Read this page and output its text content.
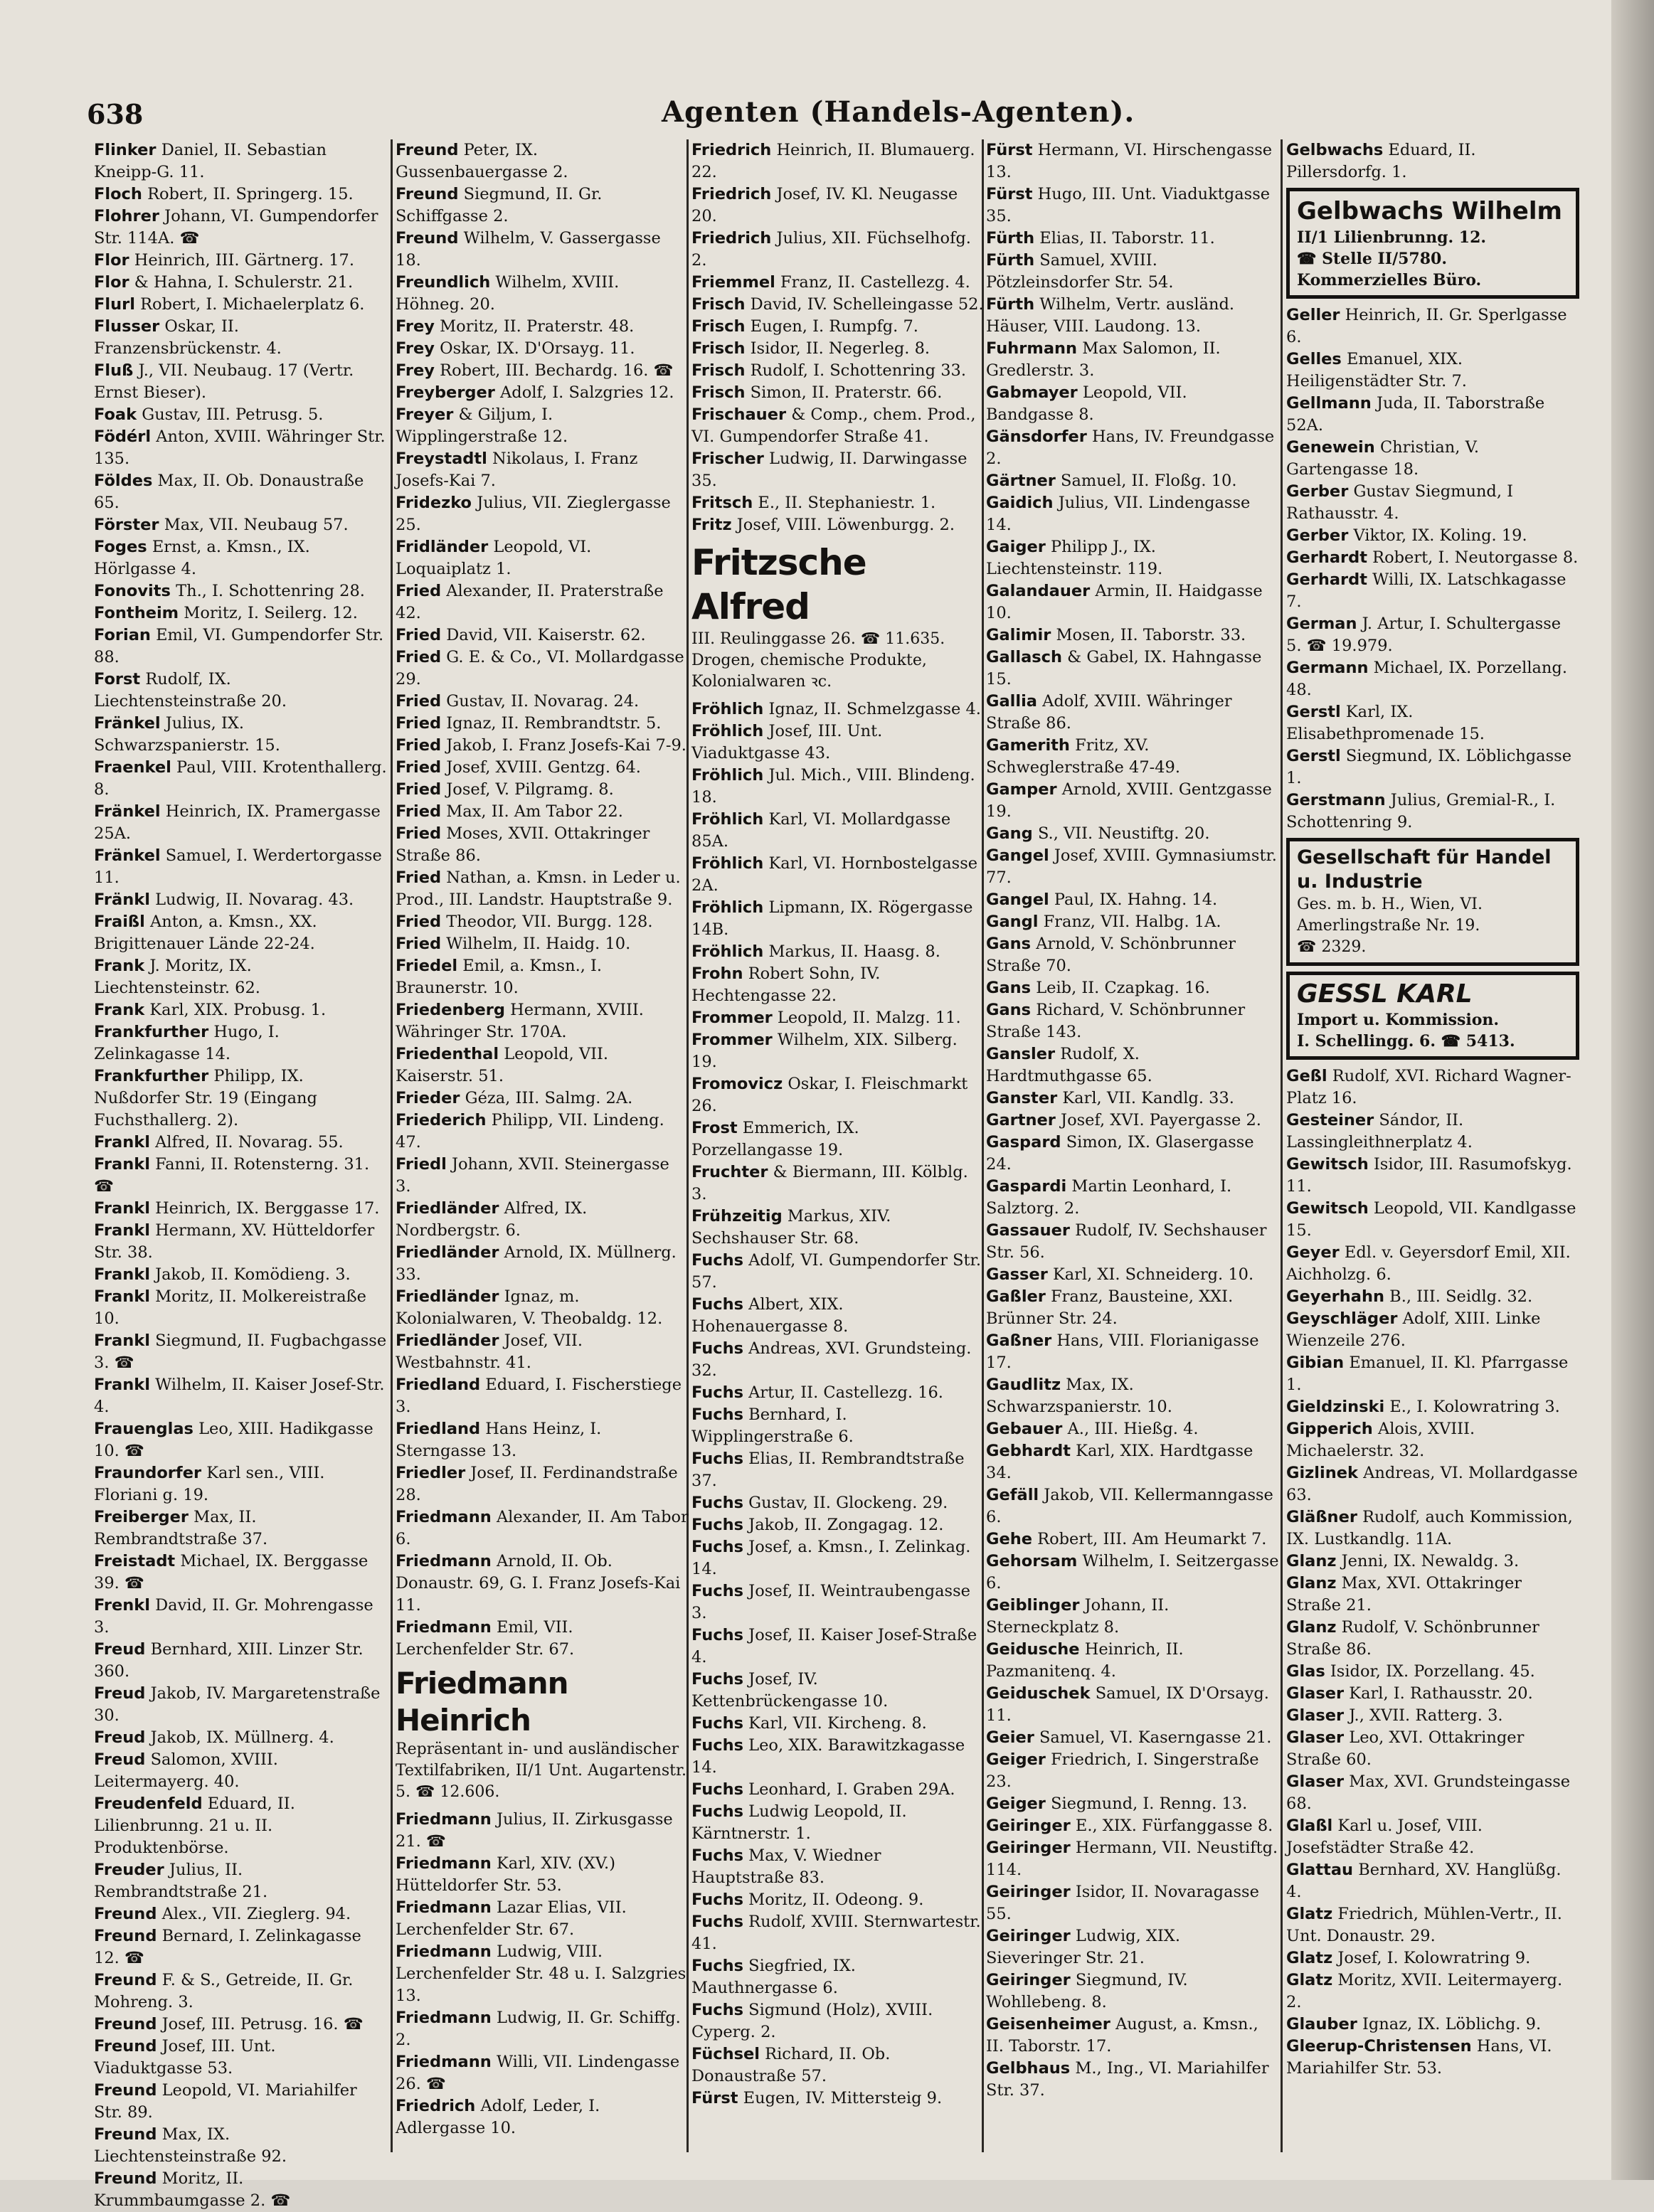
638	Agenten (Handels-Agenten).

Flinker Daniel, II. Sebastian Kneipp-G. 11.

Floch Robert, II. Springerg. 15.

Flohrer Johann, VI. Gumpendorfer Str. 114A. ☎

Flor Heinrich, III. Gärtnerg. 17.

Flor & Hahna, I. Schulerstr. 21.

Flurl Robert, I. Michaelerplatz 6.

Flusser Oskar, II. Franzensbrückenstr. 4.

Fluß J., VII. Neubaug. 17 (Vertr. Ernst Bieser).

Foak Gustav, III. Petrusg. 5.

Födérl Anton, XVIII. Währinger Str. 135.

Földes Max, II. Ob. Donaustraße 65.

Förster Max, VII. Neubaug 57.

Foges Ernst, a. Kmsn., IX. Hörlgasse 4.

Fonovits Th., I. Schottenring 28.

Fontheim Moritz, I. Seilerg. 12.

Forian Emil, VI. Gumpendorfer Str. 88.

Forst Rudolf, IX. Liechtensteinstraße 20.

Fränkel Julius, IX. Schwarzspanierstr. 15.

Fraenkel Paul, VIII. Krotenthallerg. 8.

Fränkel Heinrich, IX. Pramergasse 25A.

Fränkel Samuel, I. Werdertorgasse 11.

Fränkl Ludwig, II. Novarag. 43.

Fraißl Anton, a. Kmsn., XX. Brigittenauer Lände 22-24.

Frank J. Moritz, IX. Liechtensteinstr. 62.

Frank Karl, XIX. Probusg. 1.

Frankfurther Hugo, I. Zelinkagasse 14.

Frankfurther Philipp, IX. Nußdorfer Str. 19 (Eingang Fuchsthallerg. 2).

Frankl Alfred, II. Novarag. 55.

Frankl Fanni, II. Rotensterng. 31. ☎

Frankl Heinrich, IX. Berggasse 17.

Frankl Hermann, XV. Hütteldorfer Str. 38.

Frankl Jakob, II. Komödieng. 3.

Frankl Moritz, II. Molkereistraße 10.

Frankl Siegmund, II. Fugbachgasse 3. ☎

Frankl Wilhelm, II. Kaiser Josef-Str. 4.

Frauenglas Leo, XIII. Hadikgasse 10. ☎

Fraundorfer Karl sen., VIII. Floriani g. 19.

Freiberger Max, II. Rembrandtstraße 37.

Freistadt Michael, IX. Berggasse 39. ☎

Frenkl David, II. Gr. Mohrengasse 3.

Freud Bernhard, XIII. Linzer Str. 360.

Freud Jakob, IV. Margaretenstraße 30.

Freud Jakob, IX. Müllnerg. 4.

Freud Salomon, XVIII. Leitermayerg. 40.

Freudenfeld Eduard, II. Lilienbrunng. 21 u. II. Produktenbörse.

Freuder Julius, II. Rembrandtstraße 21.

Freund Alex., VII. Zieglerg. 94.

Freund Bernard, I. Zelinkagasse 12. ☎

Freund F. & S., Getreide, II. Gr. Mohreng. 3.

Freund Josef, III. Petrusg. 16. ☎

Freund Josef, III. Unt. Viaduktgasse 53.

Freund Leopold, VI. Mariahilfer Str. 89.

Freund Max, IX. Liechtensteinstraße 92.

Freund Moritz, II. Krummbaumgasse 2. ☎

Freund Peter, IX. Gussenbauergasse 2.

Freund Siegmund, II. Gr. Schiffgasse 2.

Freund Wilhelm, V. Gassergasse 18.

Freundlich Wilhelm, XVIII. Höhneg. 20.

Frey Moritz, II. Praterstr. 48.

Frey Oskar, IX. D'Orsayg. 11.

Frey Robert, III. Bechardg. 16. ☎

Freyberger Adolf, I. Salzgries 12.

Freyer & Giljum, I. Wipplingerstraße 12.

Freystadtl Nikolaus, I. Franz Josefs-Kai 7.

Fridezko Julius, VII. Zieglergasse 25.

Fridländer Leopold, VI. Loquaiplatz 1.

Fried Alexander, II. Praterstraße 42.

Fried David, VII. Kaiserstr. 62.

Fried G. E. & Co., VI. Mollardgasse 29.

Fried Gustav, II. Novarag. 24.

Fried Ignaz, II. Rembrandtstr. 5.

Fried Jakob, I. Franz Josefs-Kai 7-9.

Fried Josef, XVIII. Gentzg. 64.

Fried Josef, V. Pilgramg. 8.

Fried Max, II. Am Tabor 22.

Fried Moses, XVII. Ottakringer Straße 86.

Fried Nathan, a. Kmsn. in Leder u. Prod., III. Landstr. Hauptstraße 9.

Fried Theodor, VII. Burgg. 128.

Fried Wilhelm, II. Haidg. 10.

Friedel Emil, a. Kmsn., I. Braunerstr. 10.

Friedenberg Hermann, XVIII. Währinger Str. 170A.

Friedenthal Leopold, VII. Kaiserstr. 51.

Frieder Géza, III. Salmg. 2A.

Friederich Philipp, VII. Lindeng. 47.

Friedl Johann, XVII. Steinergasse 3.

Friedländer Alfred, IX. Nordbergstr. 6.

Friedländer Arnold, IX. Müllnerg. 33.

Friedländer Ignaz, m. Kolonialwaren, V. Theobaldg. 12.

Friedländer Josef, VII. Westbahnstr. 41.

Friedland Eduard, I. Fischerstiege 3.

Friedland Hans Heinz, I. Sterngasse 13.

Friedler Josef, II. Ferdinandstraße 28.

Friedmann Alexander, II. Am Tabor 6.

Friedmann Arnold, II. Ob. Donaustr. 69, G. I. Franz Josefs-Kai 11.

Friedmann Emil, VII. Lerchenfelder Str. 67.

Friedmann Heinrich
Repräsentant in- und ausländischer Textilfabriken, II/1 Unt. Augartenstr. 5. ☎ 12.606.

Friedmann Julius, II. Zirkusgasse 21. ☎

Friedmann Karl, XIV. (XV.) Hütteldorfer Str. 53.

Friedmann Lazar Elias, VII. Lerchenfelder Str. 67.

Friedmann Ludwig, VIII. Lerchenfelder Str. 48 u. I. Salzgries 13.

Friedmann Ludwig, II. Gr. Schiffg. 2.

Friedmann Willi, VII. Lindengasse 26. ☎

Friedrich Adolf, Leder, I. Adlergasse 10.

Friedrich Heinrich, II. Blumauerg. 22.

Friedrich Josef, IV. Kl. Neugasse 20.

Friedrich Julius, XII. Füchselhofg. 2.

Friemmel Franz, II. Castellezg. 4.

Frisch David, IV. Schelleingasse 52.

Frisch Eugen, I. Rumpfg. 7.

Frisch Isidor, II. Negerleg. 8.

Frisch Rudolf, I. Schottenring 33.

Frisch Simon, II. Praterstr. 66.

Frischauer & Comp., chem. Prod., VI. Gumpendorfer Straße 41.

Frischer Ludwig, II. Darwingasse 35.

Fritsch E., II. Stephaniestr. 1.

Fritz Josef, VIII. Löwenburgg. 2.

Fritzsche Alfred
III. Reulinggasse 26. ☎ 11.635. Drogen, chemische Produkte, Kolonialwaren ꝛc.

Fröhlich Ignaz, II. Schmelzgasse 4.

Fröhlich Josef, III. Unt. Viaduktgasse 43.

Fröhlich Jul. Mich., VIII. Blindeng. 18.

Fröhlich Karl, VI. Mollardgasse 85A.

Fröhlich Karl, VI. Hornbostelgasse 2A.

Fröhlich Lipmann, IX. Rögergasse 14B.

Fröhlich Markus, II. Haasg. 8.

Frohn Robert Sohn, IV. Hechtengasse 22.

Frommer Leopold, II. Malzg. 11.

Frommer Wilhelm, XIX. Silberg. 19.

Fromovicz Oskar, I. Fleischmarkt 26.

Frost Emmerich, IX. Porzellangasse 19.

Fruchter & Biermann, III. Kölblg. 3.

Frühzeitig Markus, XIV. Sechshauser Str. 68.

Fuchs Adolf, VI. Gumpendorfer Str. 57.

Fuchs Albert, XIX. Hohenauergasse 8.

Fuchs Andreas, XVI. Grundsteing. 32.

Fuchs Artur, II. Castellezg. 16.

Fuchs Bernhard, I. Wipplingerstraße 6.

Fuchs Elias, II. Rembrandtstraße 37.

Fuchs Gustav, II. Glockeng. 29.

Fuchs Jakob, II. Zongagag. 12.

Fuchs Josef, a. Kmsn., I. Zelinkag. 14.

Fuchs Josef, II. Weintraubengasse 3.

Fuchs Josef, II. Kaiser Josef-Straße 4.

Fuchs Josef, IV. Kettenbrückengasse 10.

Fuchs Karl, VII. Kircheng. 8.

Fuchs Leo, XIX. Barawitzkagasse 14.

Fuchs Leonhard, I. Graben 29A.

Fuchs Ludwig Leopold, II. Kärntnerstr. 1.

Fuchs Max, V. Wiedner Hauptstraße 83.

Fuchs Moritz, II. Odeong. 9.

Fuchs Rudolf, XVIII. Sternwartestr. 41.

Fuchs Siegfried, IX. Mauthnergasse 6.

Fuchs Sigmund (Holz), XVIII. Cyperg. 2.

Füchsel Richard, II. Ob. Donaustraße 57.

Fürst Eugen, IV. Mittersteig 9.

Fürst Hermann, VI. Hirschengasse 13.

Fürst Hugo, III. Unt. Viaduktgasse 35.

Fürth Elias, II. Taborstr. 11.

Fürth Samuel, XVIII. Pötzleinsdorfer Str. 54.

Fürth Wilhelm, Vertr. ausländ. Häuser, VIII. Laudong. 13.

Fuhrmann Max Salomon, II. Gredlerstr. 3.

Gabmayer Leopold, VII. Bandgasse 8.

Gänsdorfer Hans, IV. Freundgasse 2.

Gärtner Samuel, II. Floßg. 10.

Gaidich Julius, VII. Lindengasse 14.

Gaiger Philipp J., IX. Liechtensteinstr. 119.

Galandauer Armin, II. Haidgasse 10.

Galimir Mosen, II. Taborstr. 33.

Gallasch & Gabel, IX. Hahngasse 15.

Gallia Adolf, XVIII. Währinger Straße 86.

Gamerith Fritz, XV. Schweglerstraße 47-49.

Gamper Arnold, XVIII. Gentzgasse 19.

Gang S., VII. Neustiftg. 20.

Gangel Josef, XVIII. Gymnasiumstr. 77.

Gangel Paul, IX. Hahng. 14.

Gangl Franz, VII. Halbg. 1A.

Gans Arnold, V. Schönbrunner Straße 70.

Gans Leib, II. Czapkag. 16.

Gans Richard, V. Schönbrunner Straße 143.

Gansler Rudolf, X. Hardtmuthgasse 65.

Ganster Karl, VII. Kandlg. 33.

Gartner Josef, XVI. Payergasse 2.

Gaspard Simon, IX. Glasergasse 24.

Gaspardi Martin Leonhard, I. Salztorg. 2.

Gassauer Rudolf, IV. Sechshauser Str. 56.

Gasser Karl, XI. Schneiderg. 10.

Gaßler Franz, Bausteine, XXI. Brünner Str. 24.

Gaßner Hans, VIII. Florianigasse 17.

Gaudlitz Max, IX. Schwarzspanierstr. 10.

Gebauer A., III. Hießg. 4.

Gebhardt Karl, XIX. Hardtgasse 34.

Gefäll Jakob, VII. Kellermanngasse 6.

Gehe Robert, III. Am Heumarkt 7.

Gehorsam Wilhelm, I. Seitzergasse 6.

Geiblinger Johann, II. Sterneckplatz 8.

Geidusche Heinrich, II. Pazmanitenq. 4.

Geiduschek Samuel, IX D'Orsayg. 11.

Geier Samuel, VI. Kaserngasse 21.

Geiger Friedrich, I. Singerstraße 23.

Geiger Siegmund, I. Renng. 13.

Geiringer E., XIX. Fürfanggasse 8.

Geiringer Hermann, VII. Neustiftg. 114.

Geiringer Isidor, II. Novaragasse 55.

Geiringer Ludwig, XIX. Sieveringer Str. 21.

Geiringer Siegmund, IV. Wohllebeng. 8.

Geisenheimer August, a. Kmsn., II. Taborstr. 17.

Gelbhaus M., Ing., VI. Mariahilfer Str. 37.

Gelbwachs Eduard, II. Pillersdorfg. 1.

Gelbwachs Wilhelm
II/1 Lilienbrunng. 12.
☎ Stelle II/5780.
Kommerzielles Büro.

Geller Heinrich, II. Gr. Sperlgasse 6.

Gelles Emanuel, XIX. Heiligenstädter Str. 7.

Gellmann Juda, II. Taborstraße 52A.

Genewein Christian, V. Gartengasse 18.

Gerber Gustav Siegmund, I Rathausstr. 4.

Gerber Viktor, IX. Koling. 19.

Gerhardt Robert, I. Neutorgasse 8.

Gerhardt Willi, IX. Latschkagasse 7.

German J. Artur, I. Schultergasse 5. ☎ 19.979.

Germann Michael, IX. Porzellang. 48.

Gerstl Karl, IX. Elisabethpromenade 15.

Gerstl Siegmund, IX. Löblichgasse 1.

Gerstmann Julius, Gremial-R., I. Schottenring 9.

Gesellschaft für Handel u. Industrie
Ges. m. b. H., Wien, VI. Amerlingstraße Nr. 19.
☎ 2329.
GESSL KARL
Import u. Kommission.
I. Schellingg. 6. ☎ 5413.

Geßl Rudolf, XVI. Richard Wagner-Platz 16.

Gesteiner Sándor, II. Lassingleithnerplatz 4.

Gewitsch Isidor, III. Rasumofskyg. 11.

Gewitsch Leopold, VII. Kandlgasse 15.

Geyer Edl. v. Geyersdorf Emil, XII. Aichholzg. 6.

Geyerhahn B., III. Seidlg. 32.

Geyschläger Adolf, XIII. Linke Wienzeile 276.

Gibian Emanuel, II. Kl. Pfarrgasse 1.

Gieldzinski E., I. Kolowratring 3.

Gipperich Alois, XVIII. Michaelerstr. 32.

Gizlinek Andreas, VI. Mollardgasse 63.

Gläßner Rudolf, auch Kommission, IX. Lustkandlg. 11A.

Glanz Jenni, IX. Newaldg. 3.

Glanz Max, XVI. Ottakringer Straße 21.

Glanz Rudolf, V. Schönbrunner Straße 86.

Glas Isidor, IX. Porzellang. 45.

Glaser Karl, I. Rathausstr. 20.

Glaser J., XVII. Ratterg. 3.

Glaser Leo, XVI. Ottakringer Straße 60.

Glaser Max, XVI. Grundsteingasse 68.

Glaßl Karl u. Josef, VIII. Josefstädter Straße 42.

Glattau Bernhard, XV. Hanglüßg. 4.

Glatz Friedrich, Mühlen-Vertr., II. Unt. Donaustr. 29.

Glatz Josef, I. Kolowratring 9.

Glatz Moritz, XVII. Leitermayerg. 2.

Glauber Ignaz, IX. Löblichg. 9.

Gleerup-Christensen Hans, VI. Mariahilfer Str. 53.
